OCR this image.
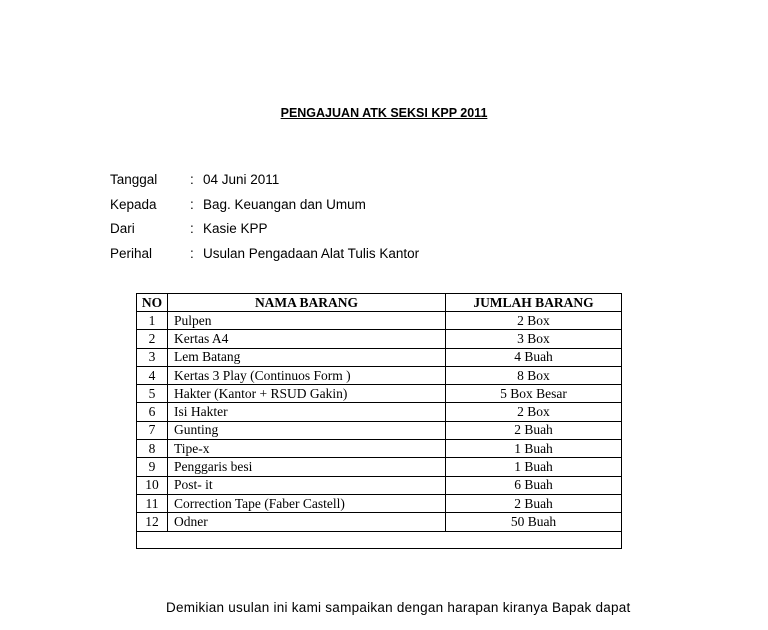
PENGAJUAN ATK SEKSI KPP 2011
Tanggal : 04 Juni 2011
Kepada : Bag. Keuangan dan Umum
Dari	: Kasie KPP
Perihal	: Usulan Pengadaan Alat Tulis Kantor
NO	NAMA BARANG	JUMLAH BARANG
1	Pulpen	2 Box
2	Kertas A4	3 Box
3	Lem Batang	4 Buah
4	Kertas 3 Play (Continuos Form )	8 Box
5	Hakter (Kantor + RSUD Gakin)	5 Box Besar
6	Isi Hakter	2 Box
7	Gunting	2 Buah
8	Tipe-x	1 Buah
9	Penggaris besi	1 Buah
10	Post- it	6 Buah
11	Correction Tape (Faber Castell)	2 Buah
12	Odner	50 Buah

Demikian usulan ini kami sampaikan dengan harapan kiranya Bapak dapat
